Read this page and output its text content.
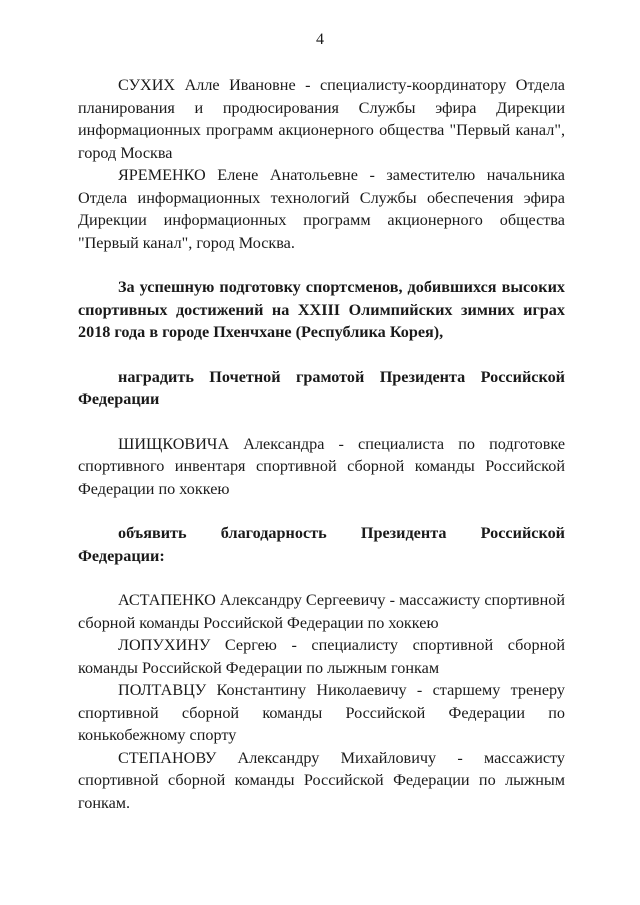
4

СУХИХ Алле Ивановне - специалисту-координатору Отдела планирования и продюсирования Службы эфира Дирекции информационных программ акционерного общества "Первый канал", город Москва

ЯРЕМЕНКО Елене Анатольевне - заместителю начальника Отдела информационных технологий Службы обеспечения эфира Дирекции информационных программ акционерного общества "Первый канал", город Москва.

За успешную подготовку спортсменов, добившихся высоких спортивных достижений на XXIII Олимпийских зимних играх 2018 года в городе Пхенчхане (Республика Корея),

наградить Почетной грамотой Президента Российской Федерации

ШИЩКОВИЧА Александра - специалиста по подготовке спортивного инвентаря спортивной сборной команды Российской Федерации по хоккею

объявить благодарность Президента Российской Федерации:

АСТАПЕНКО Александру Сергеевичу - массажисту спортивной сборной команды Российской Федерации по хоккею

ЛОПУХИНУ Сергею - специалисту спортивной сборной команды Российской Федерации по лыжным гонкам

ПОЛТАВЦУ Константину Николаевичу - старшему тренеру спортивной сборной команды Российской Федерации по конькобежному спорту

СТЕПАНОВУ Александру Михайловичу - массажисту спортивной сборной команды Российской Федерации по лыжным гонкам.
